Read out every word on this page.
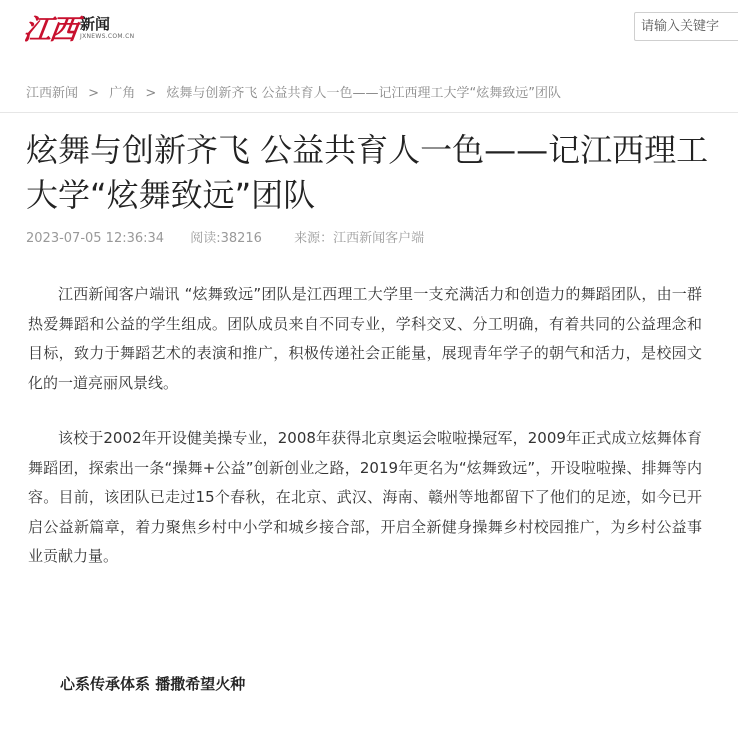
江西 新闻
JXNEWS.COM.CN
请输入关键字
江西新闻 > 广角 > 炫舞与创新齐飞 公益共育人一色——记江西理工大学“炫舞致远”团队
炫舞与创新齐飞 公益共育人一色——记江西理工大学“炫舞致远”团队
2023-07-05 12:36:34 阅读:38216 来源：江西新闻客户端

江西新闻客户端讯 “炫舞致远”团队是江西理工大学里一支充满活力和创造力的舞蹈团队，由一群热爱舞蹈和公益的学生组成。团队成员来自不同专业，学科交叉、分工明确，有着共同的公益理念和目标，致力于舞蹈艺术的表演和推广，积极传递社会正能量，展现青年学子的朝气和活力，是校园文化的一道亮丽风景线。

该校于2002年开设健美操专业，2008年获得北京奥运会啦啦操冠军，2009年正式成立炫舞体育舞蹈团，探索出一条“操舞+公益”创新创业之路，2019年更名为“炫舞致远”，开设啦啦操、排舞等内容。目前，该团队已走过15个春秋，在北京、武汉、海南、赣州等地都留下了他们的足迹，如今已开启公益新篇章，着力聚焦乡村中小学和城乡接合部，开启全新健身操舞乡村校园推广，为乡村公益事业贡献力量。

心系传承体系 播撒希望火种
